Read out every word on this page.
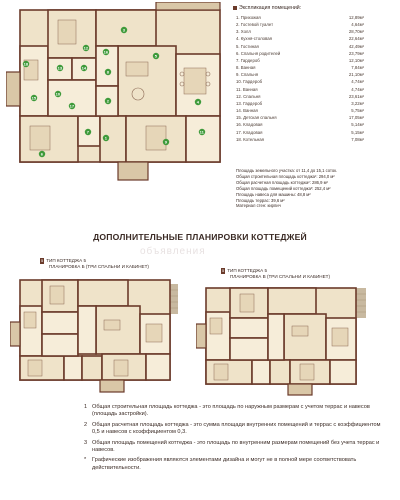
1
2
3
4
5
6
7
8
9
10
11
12
13	14
15
16
17
18
Экспликация помещений:
1. Прихожая	12,89м²
2. Гостевой туалет	4,64м²
3. Холл	28,70м²
4. Кухня-столовая	22,64м²
5. Гостиная	42,49м²
6. Спальня родителей	23,79м²
7. Гардероб	12,10м²
8. Ванная	7,84м²
9. Спальня	21,10м²
10. Гардероб	4,74м²
11. Ванная	4,74м²
12. Спальня	23,61м²
13. Гардероб	3,22м²
14. Ванная	5,75м²
15. Детская спальня	17,05м²
16. Кладовая	5,14м²
17. Кладовая	5,15м²
18. Котельная	7,08м²
Площадь земельного участка: от 11,4 до 15,1 соток.
Общая строительная площадь коттеджа¹: 294,0 м²
Общая расчетная площадь коттеджа²: 286,9 м²
Общая площадь помещений коттеджа³: 252,4 м²
Площадь навеса для машины: 48,8 м²
Площадь террас: 39,6 м²
Материал стен: кирпич
ДОПОЛНИТЕЛЬНЫЕ ПЛАНИРОВКИ КОТТЕДЖЕЙ
5 ТИП КОТТЕДЖА 5
ПЛАНИРОВКА Б (ТРИ СПАЛЬНИ И КАБИНЕТ)
5 ТИП КОТТЕДЖА 5
ПЛАНИРОВКА В (ТРИ СПАЛЬНИ И КАБИНЕТ)
объявления
1 Общая строительная площадь коттеджа - это площадь по наружным размерам с учетом террас и навесов (площадь застройки).
2 Общая расчетная площадь коттеджа - это сумма площади внутренних помещений и террас с коэффициентом 0,5 и навесов с коэффициентом 0,3.
3 Общая площадь помещений коттеджа - это площадь по внутренним размерам помещений без учета террас и навесов.
*	Графические изображения являются элементами дизайна и могут не в полной мере соответствовать действительности.
